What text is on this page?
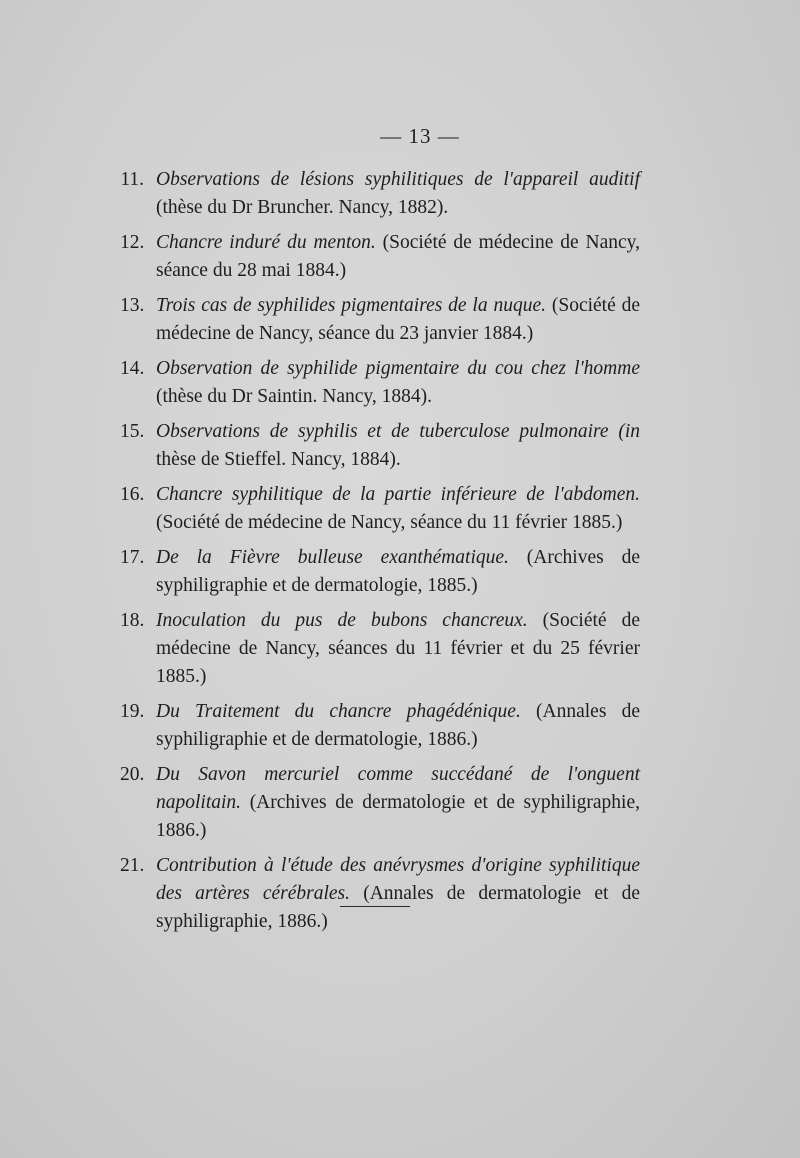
— 13 —
11. Observations de lésions syphilitiques de l'appareil auditif (thèse du Dr Bruncher. Nancy, 1882).
12. Chancre induré du menton. (Société de médecine de Nancy, séance du 28 mai 1884.)
13. Trois cas de syphilides pigmentaires de la nuque. (Société de médecine de Nancy, séance du 23 janvier 1884.)
14. Observation de syphilide pigmentaire du cou chez l'homme (thèse du Dr Saintin. Nancy, 1884).
15. Observations de syphilis et de tuberculose pulmonaire (in thèse de Stieffel. Nancy, 1884).
16. Chancre syphilitique de la partie inférieure de l'abdomen. (Société de médecine de Nancy, séance du 11 février 1885.)
17. De la Fièvre bulleuse exanthématique. (Archives de syphiligraphie et de dermatologie, 1885.)
18. Inoculation du pus de bubons chancreux. (Société de médecine de Nancy, séances du 11 février et du 25 février 1885.)
19. Du Traitement du chancre phagédénique. (Annales de syphiligraphie et de dermatologie, 1886.)
20. Du Savon mercuriel comme succédané de l'onguent napolitain. (Archives de dermatologie et de syphiligraphie, 1886.)
21. Contribution à l'étude des anévrysmes d'origine syphilitique des artères cérébrales. (Annales de dermatologie et de syphiligraphie, 1886.)
